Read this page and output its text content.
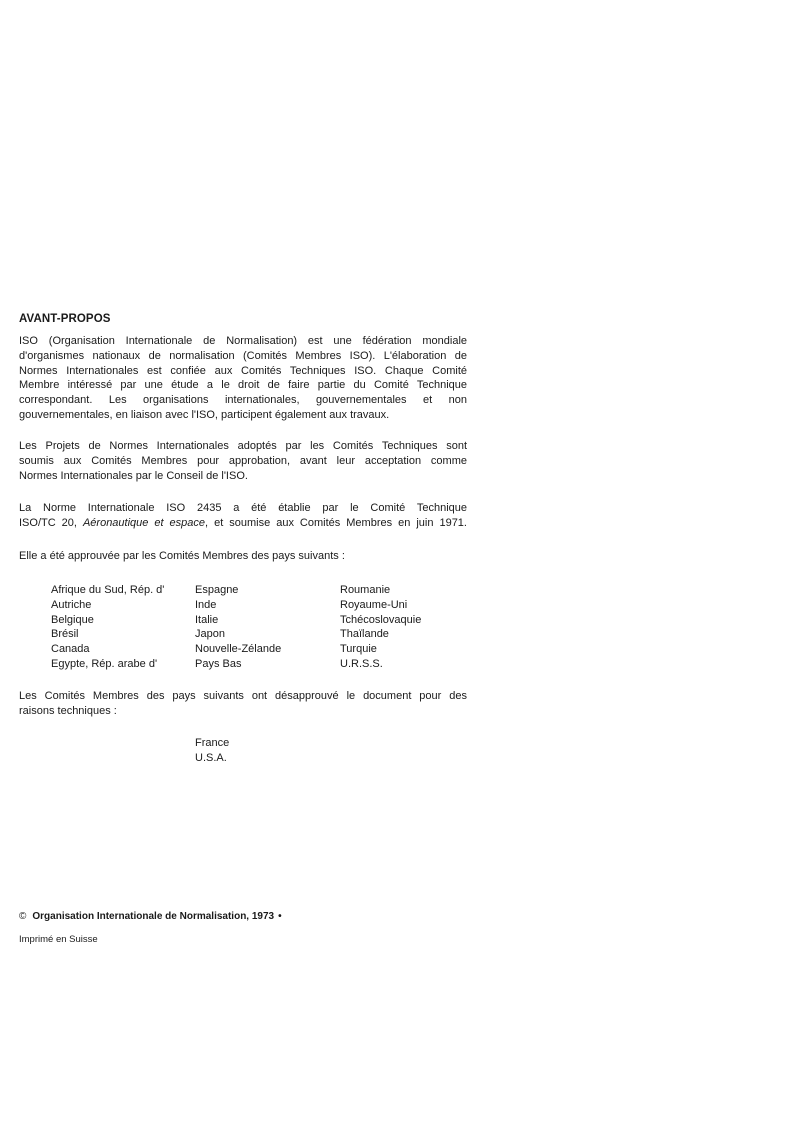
AVANT-PROPOS

ISO (Organisation Internationale de Normalisation) est une fédération mondiale
d'organismes nationaux de normalisation (Comités Membres ISO). L'élaboration de
Normes Internationales est confiée aux Comités Techniques ISO. Chaque Comité
Membre intéressé par une étude a le droit de faire partie du Comité Technique
correspondant. Les organisations internationales, gouvernementales et non
gouvernementales, en liaison avec l'ISO, participent également aux travaux.

Les Projets de Normes Internationales adoptés par les Comités Techniques sont
soumis aux Comités Membres pour approbation, avant leur acceptation comme
Normes Internationales par le Conseil de l'ISO.

La Norme Internationale ISO 2435 a été établie par le Comité Technique
ISO/TC 20, Aéronautique et espace, et soumise aux Comités Membres en juin 1971.

Elle a été approuvée par les Comités Membres des pays suivants :

Afrique du Sud, Rép. d'
Autriche
Belgique
Brésil
Canada
Egypte, Rép. arabe d'
Espagne
Inde
Italie
Japon
Nouvelle-Zélande
Pays Bas
Roumanie
Royaume-Uni
Tchécoslovaquie
Thaïlande
Turquie
U.R.S.S.

Les Comités Membres des pays suivants ont désapprouvé le document pour des
raisons techniques :

France
U.S.A.
© Organisation Internationale de Normalisation, 1973 •
Imprimé en Suisse
